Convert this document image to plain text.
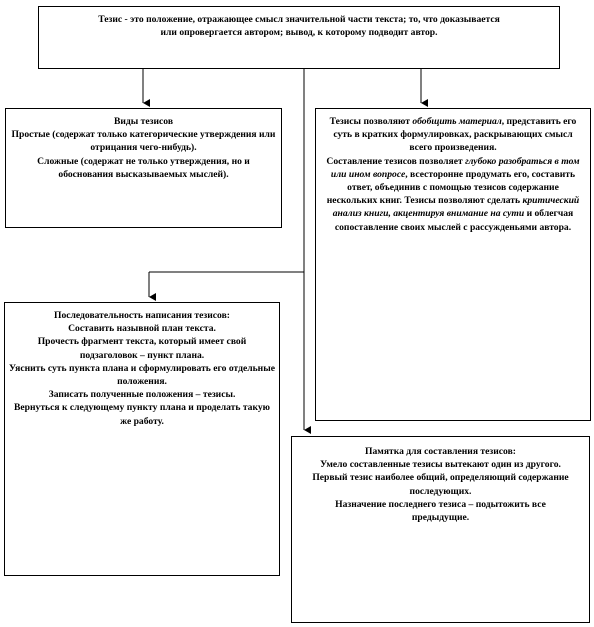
Тезис - это положение, отражающее смысл значительной части текста; то, что доказывается

или опровергается автором; вывод, к которому подводит автор.

Виды тезисов

Простые (содержат только категорические утверждения или отрицания чего-нибудь).

Сложные (содержат не только утверждения, но и обоснования высказываемых мыслей).

Тезисы позволяют обобщить материал, представить его суть в кратких формулировках, раскрывающих смысл всего произведения.

Составление тезисов позволяет глубоко разобраться в том или ином вопросе, всесторонне продумать его, составить ответ, объединив с помощью тезисов содержание нескольких книг. Тезисы позволяют сделать критический анализ книги, акцентируя внимание на сути и облегчая сопоставление своих мыслей с рассужденьями автора.

Последовательность написания тезисов:

Составить назывной план текста.

Прочесть фрагмент текста, который имеет свой подзаголовок – пункт плана.

Уяснить суть пункта плана и сформулировать его отдельные положения.

Записать полученные положения – тезисы.

Вернуться к следующему пункту плана и проделать такую же работу.

Памятка для составления тезисов:

Умело составленные тезисы вытекают один из другого.

Первый тезис наиболее общий, определяющий содержание последующих.

Назначение последнего тезиса – подытожить все предыдущие.
